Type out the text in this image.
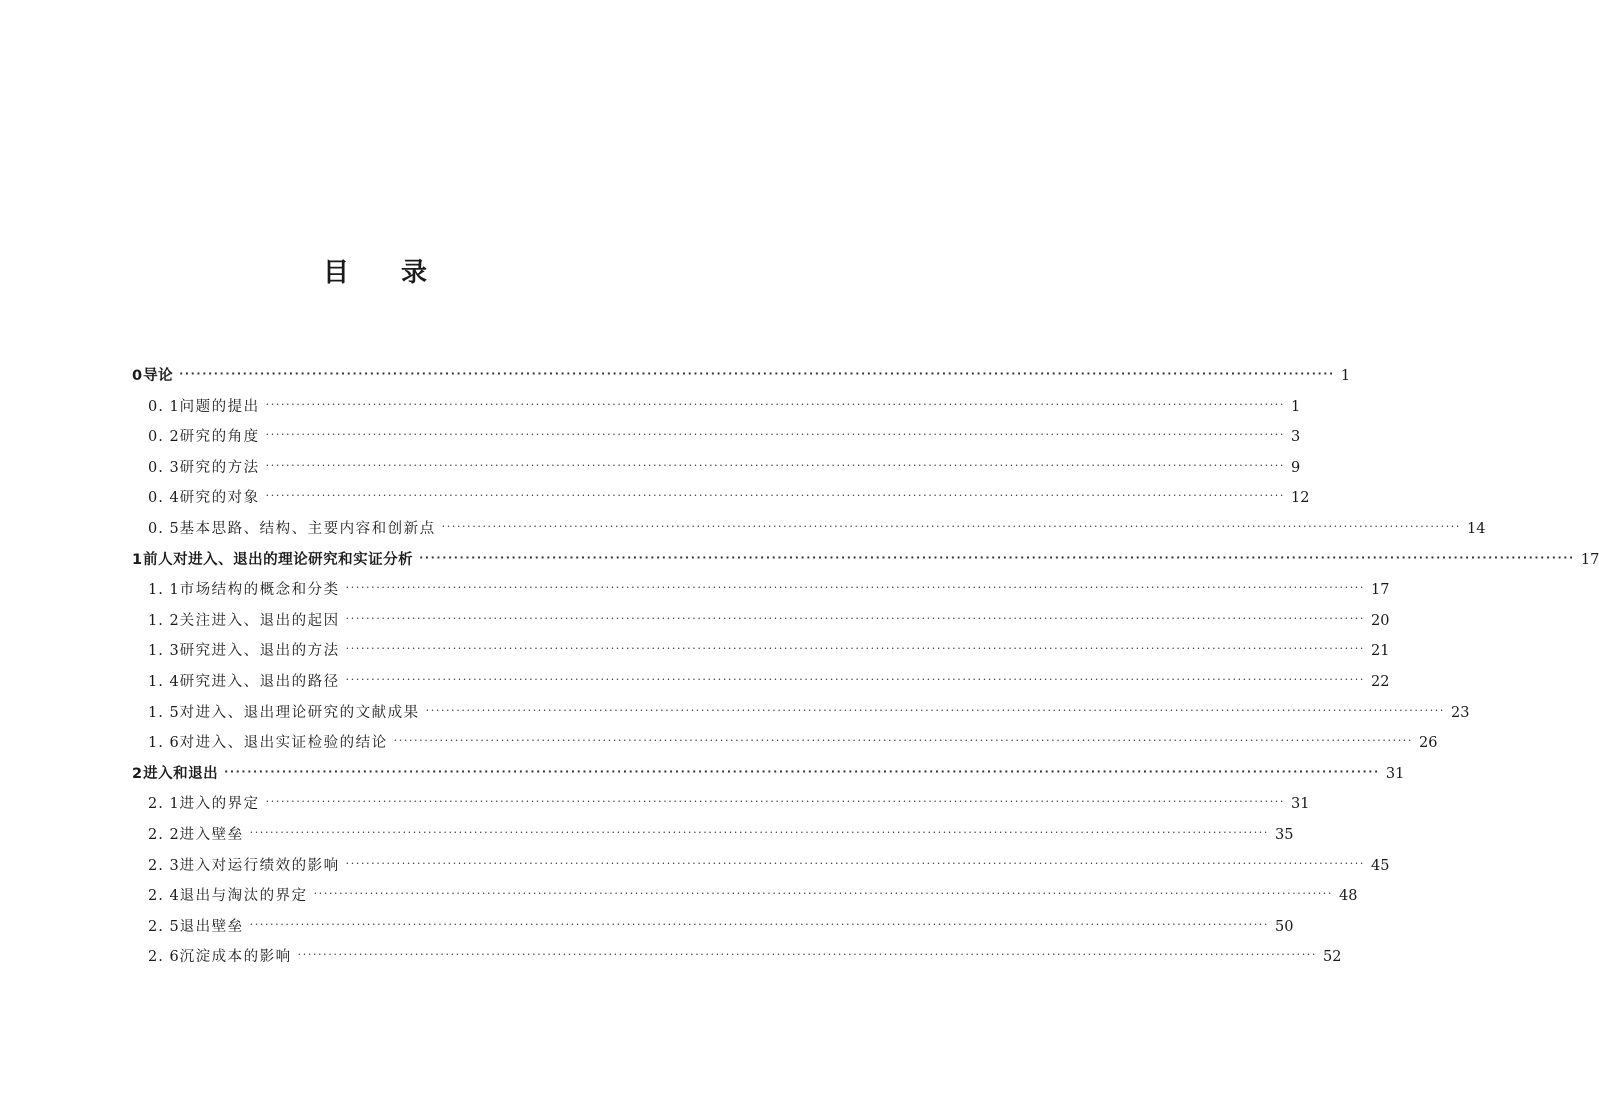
目 录
0 导论 ········································································································································································································ 1
0. 1 问题的提出 ········································································································································································································ 1
0. 2 研究的角度 ········································································································································································································ 3
0. 3 研究的方法 ········································································································································································································ 9
0. 4 研究的对象 ········································································································································································································ 12
0. 5 基本思路、结构、主要内容和创新点 ········································································································································································································ 14
1 前人对进入、退出的理论研究和实证分析 ········································································································································································································ 17
1. 1 市场结构的概念和分类 ········································································································································································································ 17
1. 2 关注进入、退出的起因 ········································································································································································································ 20
1. 3 研究进入、退出的方法 ········································································································································································································ 21
1. 4 研究进入、退出的路径 ········································································································································································································ 22
1. 5 对进入、退出理论研究的文献成果 ········································································································································································································ 23
1. 6 对进入、退出实证检验的结论 ········································································································································································································ 26
2 进入和退出 ········································································································································································································ 31
2. 1 进入的界定 ········································································································································································································ 31
2. 2 进入壁垒 ········································································································································································································ 35
2. 3 进入对运行绩效的影响 ········································································································································································································ 45
2. 4 退出与淘汰的界定 ········································································································································································································ 48
2. 5 退出壁垒 ········································································································································································································ 50
2. 6 沉淀成本的影响 ········································································································································································································ 52
